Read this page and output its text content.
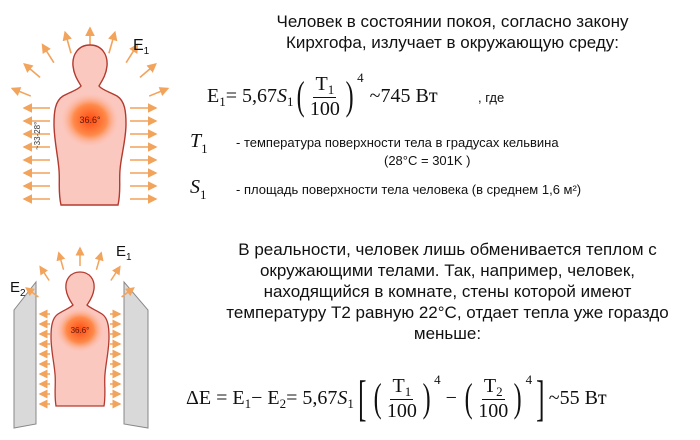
36.6°
~33-28°
$E_1$
Человек в состоянии покоя, согласно закону
Кирхгофа, излучает в окружающую среду:
E 1 = 5,67 S 1 ( $\frac{T_1}{100}$ ) 4
~745 Вт	, где
$T_1$ - температура поверхности тела в градусах кельвина
(28°C = 301K )
$S_1$ - площадь поверхности тела человека (в среднем 1,6 м²)
36.6°
$E_1$
$E_2$
В реальности, человек лишь обменивается теплом с
окружающими телами. Так, например, человек,
находящийся в комнате, стены которой имеют
температуру Т2 равную 22°С, отдает тепла уже гораздо
меньше:
ΔE = E 1 − E 2 = 5,67 S 1 [ ( $\frac{T_1}{100}$ ) 4
− ( $\frac{T_2}{100}$ ) 4 ] ~55 Вт
